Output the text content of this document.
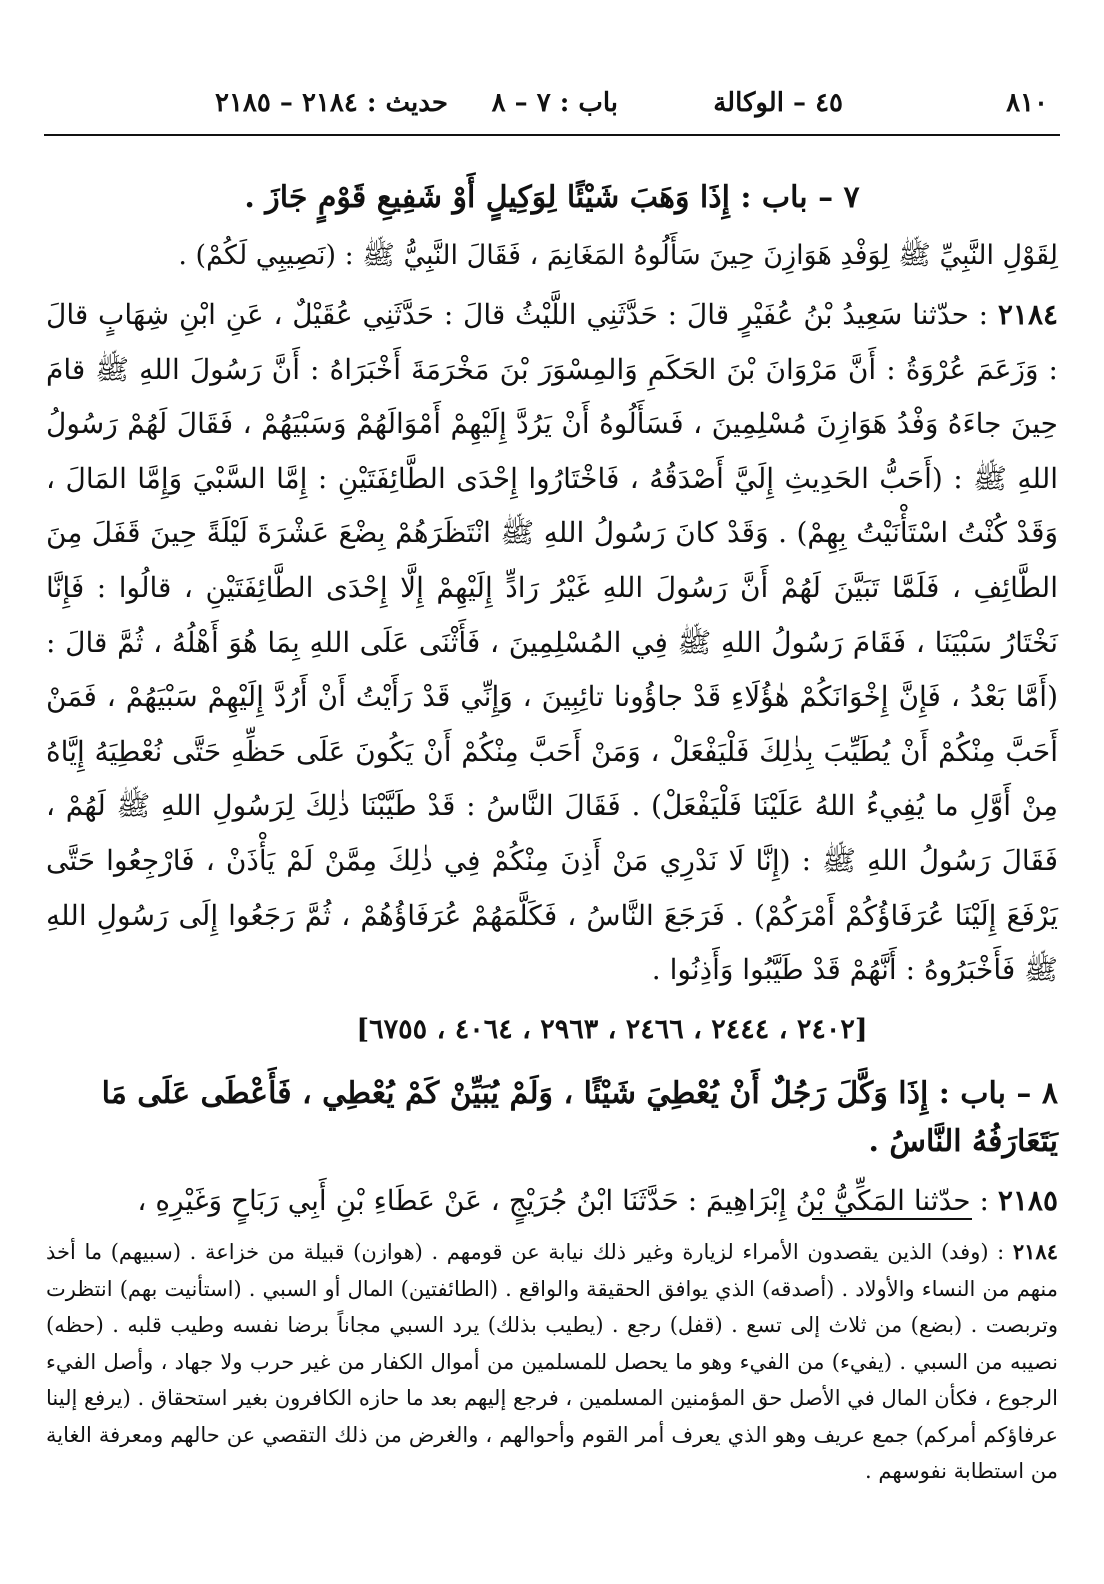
٨١٠
٤٥ – الوكالة
باب : ٧ – ٨
حديث : ٢١٨٤ – ٢١٨٥
٧ – باب : إِذَا وَهَبَ شَيْئًا لِوَكِيلٍ أَوْ شَفِيعِ قَوْمٍ جَازَ .

لِقَوْلِ النَّبِيِّ ﷺ لِوَفْدِ هَوَازِنَ حِينَ سَأَلُوهُ المَغَانِمَ ، فَقَالَ النَّبِيُّ ﷺ : (نَصِيبِي لَكُمْ) .

٢١٨٤ : حدّثنا سَعِيدُ بْنُ عُفَيْرٍ قالَ : حَدَّثَنِي اللَّيْثُ قالَ : حَدَّثَنِي عُقَيْلٌ ، عَنِ ابْنِ شِهَابٍ قالَ : وَزَعَمَ عُرْوَةُ : أَنَّ مَرْوَانَ بْنَ الحَكَمِ وَالمِسْوَرَ بْنَ مَخْرَمَةَ أَخْبَرَاهُ : أَنَّ رَسُولَ اللهِ ﷺ قامَ حِينَ جاءَهُ وَفْدُ هَوَازِنَ مُسْلِمِينَ ، فَسَأَلُوهُ أَنْ يَرُدَّ إِلَيْهِمْ أَمْوَالَهُمْ وَسَبْيَهُمْ ، فَقَالَ لَهُمْ رَسُولُ اللهِ ﷺ : (أَحَبُّ الحَدِيثِ إِلَيَّ أَصْدَقُهُ ، فَاخْتَارُوا إِحْدَى الطَّائِفَتَيْنِ : إِمَّا السَّبْيَ وَإِمَّا المَالَ ، وَقَدْ كُنْتُ اسْتَأْنَيْتُ بِهِمْ) . وَقَدْ كانَ رَسُولُ اللهِ ﷺ انْتَظَرَهُمْ بِضْعَ عَشْرَةَ لَيْلَةً حِينَ قَفَلَ مِنَ الطَّائِفِ ، فَلَمَّا تَبَيَّنَ لَهُمْ أَنَّ رَسُولَ اللهِ غَيْرُ رَادٍّ إِلَيْهِمْ إِلَّا إِحْدَى الطَّائِفَتَيْنِ ، قالُوا : فَإِنَّا نَخْتَارُ سَبْيَنَا ، فَقَامَ رَسُولُ اللهِ ﷺ فِي المُسْلِمِينَ ، فَأَثْنَى عَلَى اللهِ بِمَا هُوَ أَهْلُهُ ، ثُمَّ قالَ : (أَمَّا بَعْدُ ، فَإِنَّ إِخْوَانَكُمْ هٰؤُلَاءِ قَدْ جاؤُونا تائِبِينَ ، وَإِنِّي قَدْ رَأَيْتُ أَنْ أَرُدَّ إِلَيْهِمْ سَبْيَهُمْ ، فَمَنْ أَحَبَّ مِنْكُمْ أَنْ يُطَيِّبَ بِذٰلِكَ فَلْيَفْعَلْ ، وَمَنْ أَحَبَّ مِنْكُمْ أَنْ يَكُونَ عَلَى حَظِّهِ حَتَّى نُعْطِيَهُ إِيَّاهُ مِنْ أَوَّلِ ما يُفِيءُ اللهُ عَلَيْنَا فَلْيَفْعَلْ) . فَقَالَ النَّاسُ : قَدْ طَيَّبْنَا ذٰلِكَ لِرَسُولِ اللهِ ﷺ لَهُمْ ، فَقَالَ رَسُولُ اللهِ ﷺ : (إِنَّا لَا نَدْرِي مَنْ أَذِنَ مِنْكُمْ فِي ذٰلِكَ مِمَّنْ لَمْ يَأْذَنْ ، فَارْجِعُوا حَتَّى يَرْفَعَ إِلَيْنَا عُرَفَاؤُكُمْ أَمْرَكُمْ) . فَرَجَعَ النَّاسُ ، فَكَلَّمَهُمْ عُرَفَاؤُهُمْ ، ثُمَّ رَجَعُوا إِلَى رَسُولِ اللهِ ﷺ فَأَخْبَرُوهُ : أَنَّهُمْ قَدْ طَيَّبُوا وَأَذِنُوا .

[٢٤٠٢ ، ٢٤٤٤ ، ٢٤٦٦ ، ٢٩٦٣ ، ٤٠٦٤ ، ٦٧٥٥]
٨ – باب : إِذَا وَكَّلَ رَجُلٌ أَنْ يُعْطِيَ شَيْئًا ، وَلَمْ يُبَيِّنْ كَمْ يُعْطِي ، فَأَعْطَى عَلَى مَا يَتَعَارَفُهُ النَّاسُ .

٢١٨٥ : حدّثنا المَكِّيُّ بْنُ إِبْرَاهِيمَ : حَدَّثَنَا ابْنُ جُرَيْجٍ ، عَنْ عَطَاءِ بْنِ أَبِي رَبَاحٍ وَغَيْرِهِ ،

٢١٨٤ : (وفد) الذين يقصدون الأمراء لزيارة وغير ذلك نيابة عن قومهم . (هوازن) قبيلة من خزاعة . (سبيهم) ما أخذ منهم من النساء والأولاد . (أصدقه) الذي يوافق الحقيقة والواقع . (الطائفتين) المال أو السبي . (استأنيت بهم) انتظرت وتربصت . (بضع) من ثلاث إلى تسع . (قفل) رجع . (يطيب بذلك) يرد السبي مجاناً برضا نفسه وطيب قلبه . (حظه) نصيبه من السبي . (يفيء) من الفيء وهو ما يحصل للمسلمين من أموال الكفار من غير حرب ولا جهاد ، وأصل الفيء الرجوع ، فكأن المال في الأصل حق المؤمنين المسلمين ، فرجع إليهم بعد ما حازه الكافرون بغير استحقاق . (يرفع إلينا عرفاؤكم أمركم) جمع عريف وهو الذي يعرف أمر القوم وأحوالهم ، والغرض من ذلك التقصي عن حالهم ومعرفة الغاية من استطابة نفوسهم .
